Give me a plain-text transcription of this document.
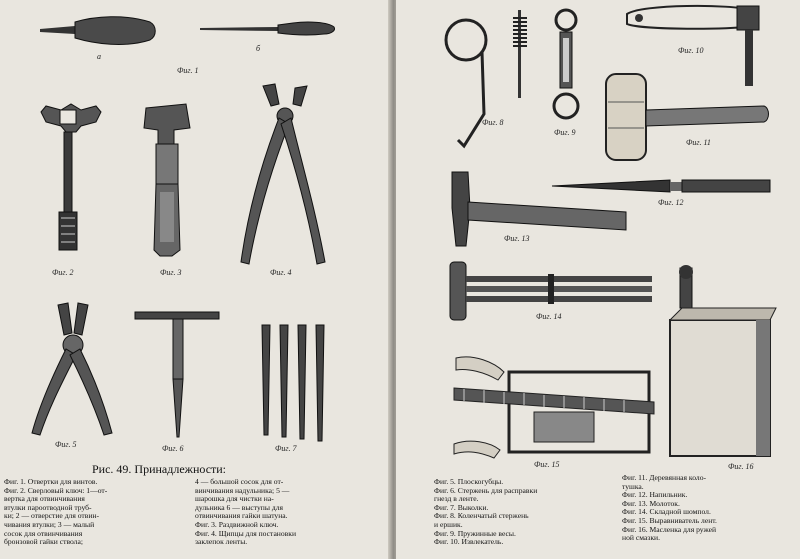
а
б
Фиг. 1
Фиг. 2	Фиг. 3	Фиг. 4
Фиг. 5	Фиг. 6	Фиг. 7
Рис. 49. Принадлежности:

Фиг. 1. Отвертки для винтов.

Фиг. 2. Сверловый ключ: 1—от-

вертка для отвинчивания

втулки пароотводной труб-

ки; 2 — отверстие для отвин-

чивания втулки; 3 — малый

сосок для отвинчивания

бронзовой гайки ствола;

4 — большой сосок для от-

винчивания надульника; 5 —

шарошка для чистки на-

дульника 6 — выступы для

отвинчивания гайки шатуна.

Фиг. 3. Раздвижной ключ.

Фиг. 4. Щипцы для постановки

заклепок ленты.

Фиг. 8
Фиг. 9
Фиг. 10
Фиг. 11
Фиг. 12
Фиг. 13
Фиг. 14
Фиг. 15	Фиг. 16

Фиг. 5. Плоскогубцы.

Фиг. 6. Стержень для расправки

гнезд в ленте.

Фиг. 7. Выколки.

Фиг. 8. Коленчатый стержень

и ершик.

Фиг. 9. Пружинные весы.

Фиг. 10. Извлекатель.

Фиг. 11. Деревянная коло-

тушка.

Фиг. 12. Напильник.

Фиг. 13. Молоток.

Фиг. 14. Складной шомпол.

Фиг. 15. Выравниватель лент.

Фиг. 16. Масленка для ружей

ной смазки.
